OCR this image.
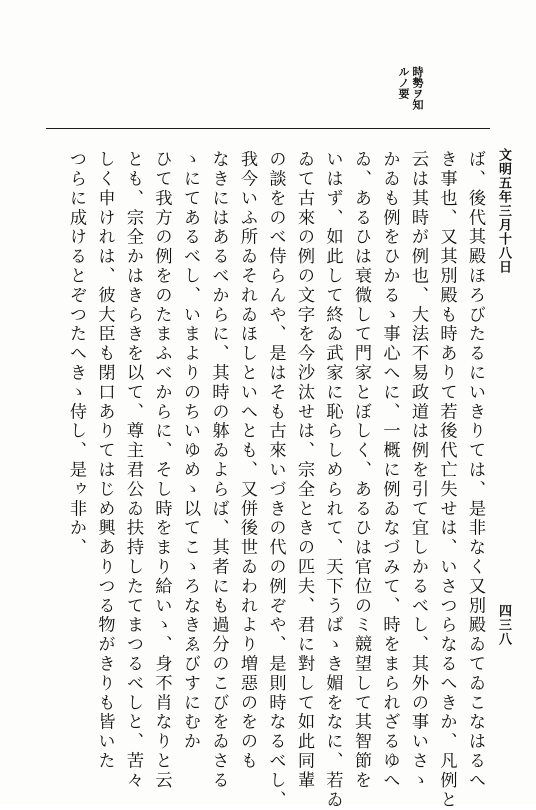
時勢ヲ知
ルノ要
文明五年三月十八日
ば、後代其殿ほろびたるにいきりては、是非なく又別殿ゐてゐこなはるへ
き事也、又其別殿も時ありて若後代亡失せは、いさつらなるへきか、凡例と
云は其時が例也、大法不易政道は例を引て宜しかるべし、其外の事いさゝ
かゐも例をひかるゝ事心へに、一概に例ゐなづみて、時をまられざるゆへ
ゐ、あるひは衰微して門家とぼしく、あるひは官位のミ競望して其智節を
いはず、如此して終ゐ武家に恥らしめられて、天下うばゝき媚をなに、若ゐ
ゐて古來の例の文字を今沙汰せは、宗全ときの匹夫、君に對して如此同輩
の談をのべ侍らんや、是はそも古來いづきの代の例ぞや、是則時なるべし、
我今いふ所ゐそれゐほしといへとも、又併後世ゐわれより増惡のをのも
なきにはあるべからに、其時の躰ゐよらば、其者にも過分のこびをゐさる
ゝにてあるべし、いまよりのちいゆめゝ以てこゝろなきゑびすにむか
ひて我方の例をのたまふべからに、そし時をまり給いゝ、身不肖なりと云
とも、宗全かはきらきを以て、尊主君公ゐ扶持したてまつるべしと、苦々
しく申けれは、彼大臣も閉口ありてはじめ興ありつる物がきりも皆いた
つらに成けるとぞつたへきゝ侍し、是ゥ非か、
四三八
